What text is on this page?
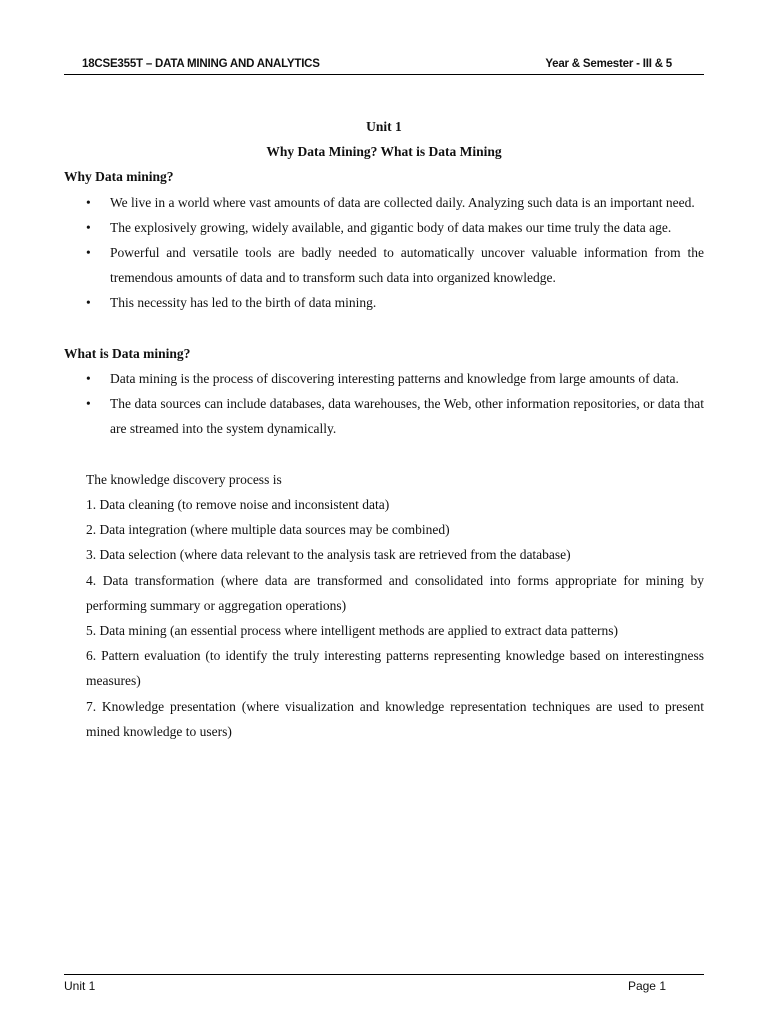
18CSE355T – DATA MINING AND ANALYTICS	Year & Semester - III & 5
Unit 1
Why Data Mining? What is Data Mining
Why Data mining?
• We live in a world where vast amounts of data are collected daily. Analyzing such data is an important need.
• The explosively growing, widely available, and gigantic body of data makes our time truly the data age.
• Powerful and versatile tools are badly needed to automatically uncover valuable information from the tremendous amounts of data and to transform such data into organized knowledge.
• This necessity has led to the birth of data mining.
What is Data mining?
• Data mining is the process of discovering interesting patterns and knowledge from large amounts of data.
• The data sources can include databases, data warehouses, the Web, other information repositories, or data that are streamed into the system dynamically.
The knowledge discovery process is
1. Data cleaning (to remove noise and inconsistent data)
2. Data integration (where multiple data sources may be combined)
3. Data selection (where data relevant to the analysis task are retrieved from the database)
4. Data transformation (where data are transformed and consolidated into forms appropriate for mining by performing summary or aggregation operations)
5. Data mining (an essential process where intelligent methods are applied to extract data patterns)
6. Pattern evaluation (to identify the truly interesting patterns representing knowledge based on interestingness measures)
7. Knowledge presentation (where visualization and knowledge representation techniques are used to present mined knowledge to users)
Unit 1	Page 1
